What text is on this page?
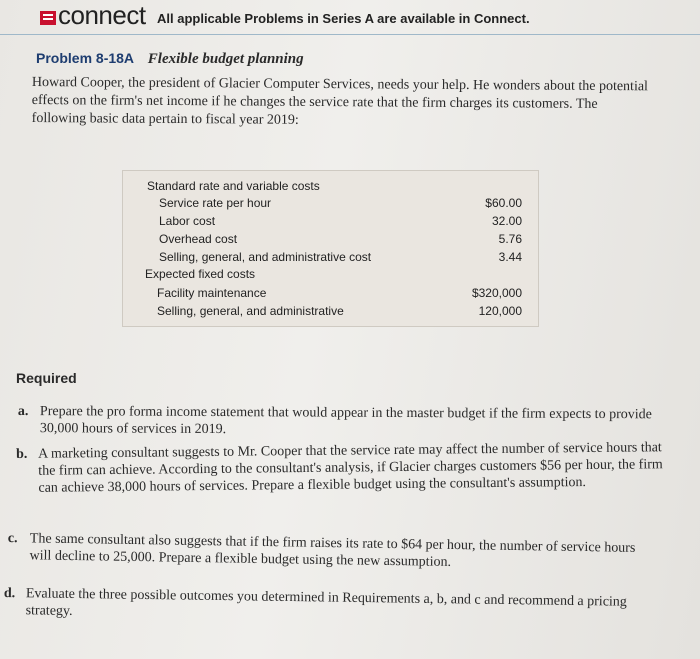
connect All applicable Problems in Series A are available in Connect.
Problem 8-18A Flexible budget planning

Howard Cooper, the president of Glacier Computer Services, needs your help. He wonders about the potential effects on the firm's net income if he changes the service rate that the firm charges its customers. The following basic data pertain to fiscal year 2019:

Standard rate and variable costs
Service rate per hour	$60.00
Labor cost	32.00
Overhead cost	5.76
Selling, general, and administrative cost	3.44
Expected fixed costs
Facility maintenance	$320,000
Selling, general, and administrative	120,000
Required
a. Prepare the pro forma income statement that would appear in the master budget if the firm expects to provide 30,000 hours of services in 2019.
b. A marketing consultant suggests to Mr. Cooper that the service rate may affect the number of service hours that the firm can achieve. According to the consultant's analysis, if Glacier charges customers $56 per hour, the firm can achieve 38,000 hours of services. Prepare a flexible budget using the consultant's assumption.
c. The same consultant also suggests that if the firm raises its rate to $64 per hour, the number of service hours will decline to 25,000. Prepare a flexible budget using the new assumption.
d. Evaluate the three possible outcomes you determined in Requirements a, b, and c and recommend a pricing strategy.
